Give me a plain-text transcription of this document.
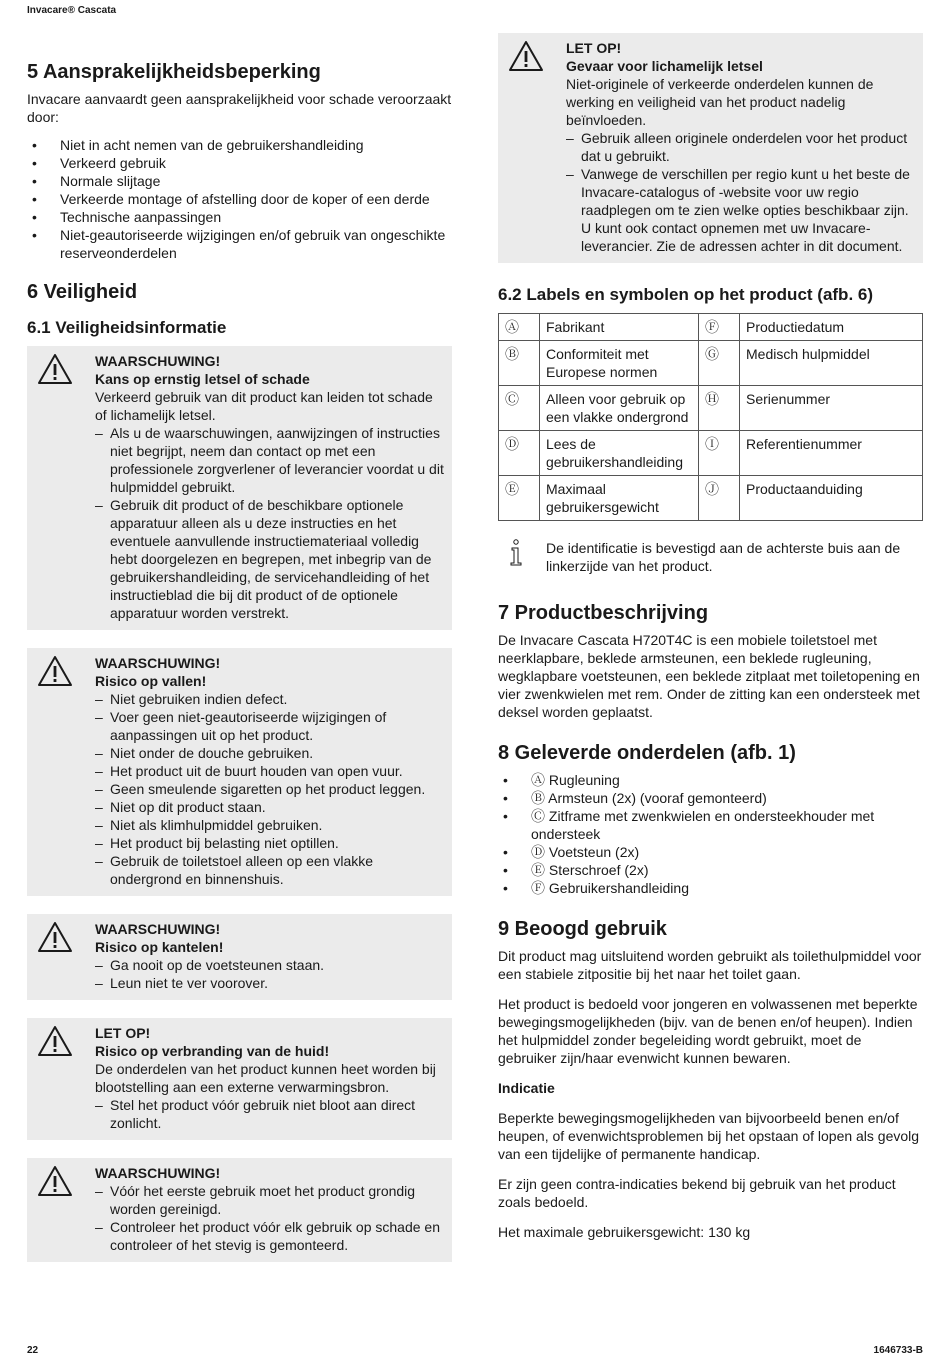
Invacare® Cascata
5 Aansprakelijkheidsbeperking

Invacare aanvaardt geen aansprakelijkheid voor schade veroorzaakt door:

• Niet in acht nemen van de gebruikershandleiding
• Verkeerd gebruik
• Normale slijtage
• Verkeerde montage of afstelling door de koper of een derde
• Technische aanpassingen
• Niet-geautoriseerde wijzigingen en/of gebruik van ongeschikte reserveonderdelen
6 Veiligheid
6.1 Veiligheidsinformatie
WAARSCHUWING!
Kans op ernstig letsel of schade
Verkeerd gebruik van dit product kan leiden tot schade of lichamelijk letsel.
– Als u de waarschuwingen, aanwijzingen of instructies niet begrijpt, neem dan contact op met een professionele zorgverlener of leverancier voordat u dit hulpmiddel gebruikt.
– Gebruik dit product of de beschikbare optionele apparatuur alleen als u deze instructies en het eventuele aanvullende instructiemateriaal volledig hebt doorgelezen en begrepen, met inbegrip van de gebruikershandleiding, de servicehandleiding of het instructieblad die bij dit product of de optionele apparatuur worden verstrekt.
WAARSCHUWING!
Risico op vallen!
– Niet gebruiken indien defect.
– Voer geen niet-geautoriseerde wijzigingen of aanpassingen uit op het product.
– Niet onder de douche gebruiken.
– Het product uit de buurt houden van open vuur.
– Geen smeulende sigaretten op het product leggen.
– Niet op dit product staan.
– Niet als klimhulpmiddel gebruiken.
– Het product bij belasting niet optillen.
– Gebruik de toiletstoel alleen op een vlakke ondergrond en binnenshuis.
WAARSCHUWING!
Risico op kantelen!
– Ga nooit op de voetsteunen staan.
– Leun niet te ver voorover.
LET OP!
Risico op verbranding van de huid!
De onderdelen van het product kunnen heet worden bij blootstelling aan een externe verwarmingsbron.
– Stel het product vóór gebruik niet bloot aan direct zonlicht.
WAARSCHUWING!
– Vóór het eerste gebruik moet het product grondig worden gereinigd.
– Controleer het product vóór elk gebruik op schade en controleer of het stevig is gemonteerd.
LET OP!
Gevaar voor lichamelijk letsel
Niet-originele of verkeerde onderdelen kunnen de werking en veiligheid van het product nadelig beïnvloeden.
– Gebruik alleen originele onderdelen voor het product dat u gebruikt.
– Vanwege de verschillen per regio kunt u het beste de Invacare-catalogus of -website voor uw regio raadplegen om te zien welke opties beschikbaar zijn. U kunt ook contact opnemen met uw Invacare-leverancier. Zie de adressen achter in dit document.
6.2 Labels en symbolen op het product (afb. 6)
Ⓐ	Fabrikant	Ⓕ	Productiedatum
Ⓑ	Conformiteit met Europese normen	Ⓖ	Medisch hulpmiddel
Ⓒ	Alleen voor gebruik op een vlakke ondergrond	Ⓗ	Serienummer
Ⓓ	Lees de gebruikershandleiding	Ⓘ	Referentienummer
Ⓔ	Maximaal gebruikersgewicht	Ⓙ	Productaanduiding

De identificatie is bevestigd aan de achterste buis aan de linkerzijde van het product.

7 Productbeschrijving

De Invacare Cascata H720T4C is een mobiele toiletstoel met neerklapbare, beklede armsteunen, een beklede rugleuning, wegklapbare voetsteunen, een beklede zitplaat met toiletopening en vier zwenkwielen met rem. Onder de zitting kan een ondersteek met deksel worden geplaatst.

8 Geleverde onderdelen (afb. 1)
• Ⓐ Rugleuning
• Ⓑ Armsteun (2x) (vooraf gemonteerd)
• Ⓒ Zitframe met zwenkwielen en ondersteekhouder met ondersteek
• Ⓓ Voetsteun (2x)
• Ⓔ Sterschroef (2x)
• Ⓕ Gebruikershandleiding
9 Beoogd gebruik

Dit product mag uitsluitend worden gebruikt als toilethulpmiddel voor een stabiele zitpositie bij het naar het toilet gaan.

Het product is bedoeld voor jongeren en volwassenen met beperkte bewegingsmogelijkheden (bijv. van de benen en/of heupen). Indien het hulpmiddel zonder begeleiding wordt gebruikt, moet de gebruiker zijn/haar evenwicht kunnen bewaren.

Indicatie

Beperkte bewegingsmogelijkheden van bijvoorbeeld benen en/of heupen, of evenwichtsproblemen bij het opstaan of lopen als gevolg van een tijdelijke of permanente handicap.

Er zijn geen contra-indicaties bekend bij gebruik van het product zoals bedoeld.

Het maximale gebruikersgewicht: 130 kg

22	1646733-B
